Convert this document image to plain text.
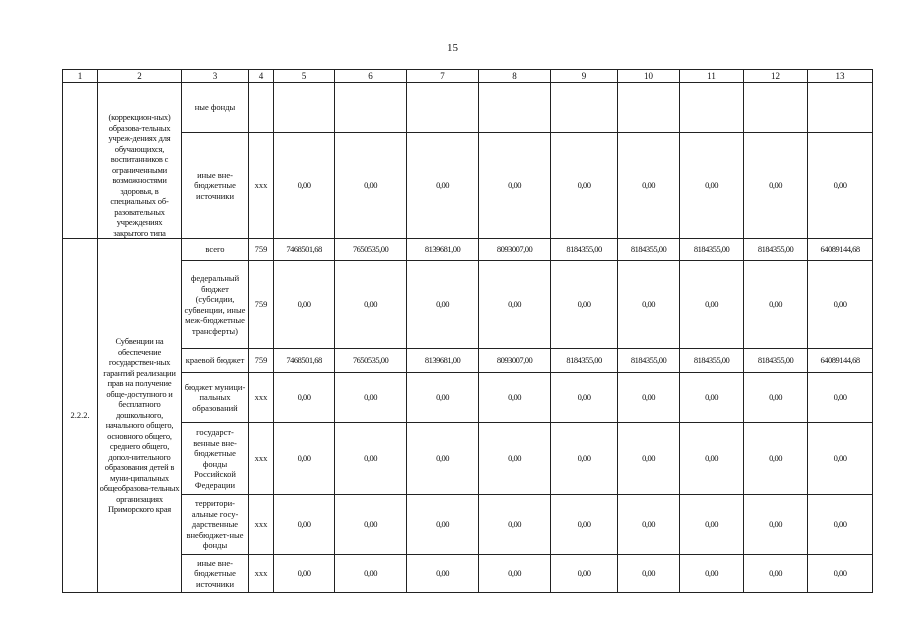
15
1	2	3	4	5	6	7	8	9	10	11	12	13
	(коррекцион-ных) образова-тельных учреж-дениях для обучающихся, воспитанников с ограниченными возможностями здоровья, в специальных об-разовательных учреждениях закрытого типа	ные фонды										
		иные вне-бюджетные источники	ххх	0,00	0,00	0,00	0,00	0,00	0,00	0,00	0,00	0,00
2.2.2.	Субвенции на обеспечение государствен-ных гарантий реализации прав на получение обще-доступного и бесплатного дошкольного, начального общего, основного общего, среднего общего, допол-нительного образования детей в муни-ципальных общеобразова-тельных организациях Приморского края	всего	759	7468501,68	7650535,00	8139681,00	8093007,00	8184355,00	8184355,00	8184355,00	8184355,00	64089144,68
		федеральный бюджет (субсидии, субвенции, иные меж-бюджетные трансферты)	759	0,00	0,00	0,00	0,00	0,00	0,00	0,00	0,00	0,00
		краевой бюджет	759	7468501,68	7650535,00	8139681,00	8093007,00	8184355,00	8184355,00	8184355,00	8184355,00	64089144,68
		бюджет муници-пальных образований	ххх	0,00	0,00	0,00	0,00	0,00	0,00	0,00	0,00	0,00
		государст-венные вне-бюджетные фонды Российской Федерации	ххх	0,00	0,00	0,00	0,00	0,00	0,00	0,00	0,00	0,00
		территори-альные госу-дарственные внебюджет-ные фонды	ххх	0,00	0,00	0,00	0,00	0,00	0,00	0,00	0,00	0,00
		иные вне-бюджетные источники	ххх	0,00	0,00	0,00	0,00	0,00	0,00	0,00	0,00	0,00
